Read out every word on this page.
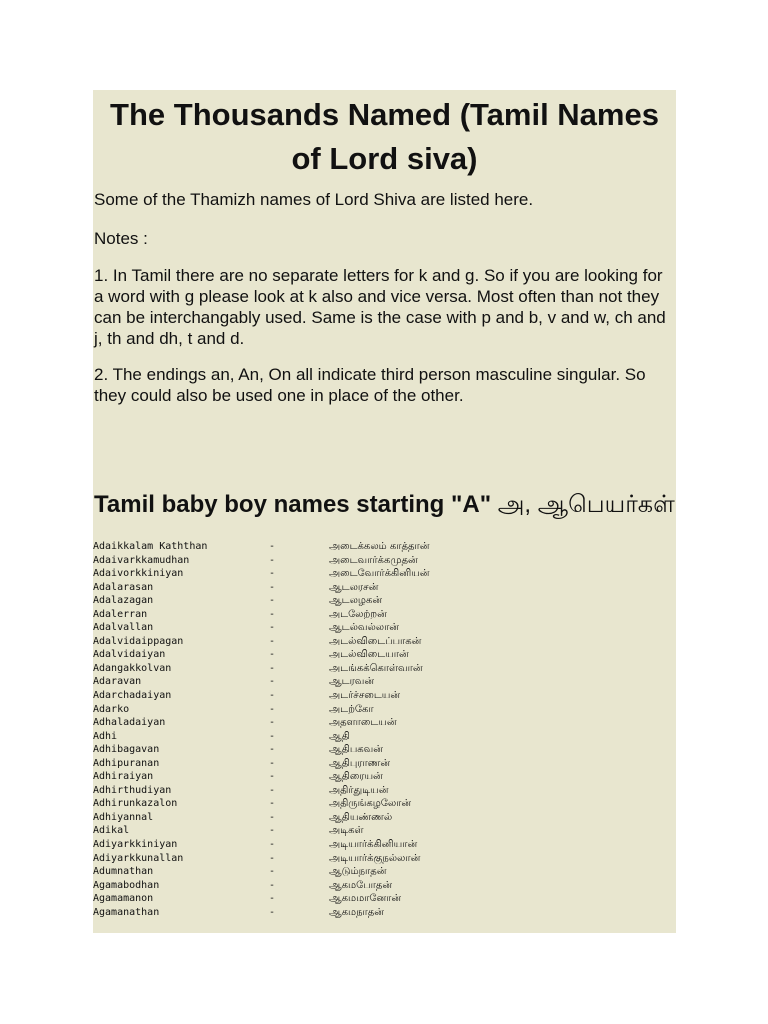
The Thousands Named (Tamil Names of Lord siva)

Some of the Thamizh names of Lord Shiva are listed here.

Notes :

1. In Tamil there are no separate letters for k and g. So if you are looking for a word with g please look at k also and vice versa. Most often than not they can be interchangably used. Same is the case with p and b, v and w, ch and j, th and dh, t and d.

2. The endings an, An, On all indicate third person masculine singular. So they could also be used one in place of the other.

Tamil baby boy names starting "A" அ, ஆபெயர்கள்
Adaikkalam Kaththan	-	அடைக்கலம் காத்தான்
Adaivarkkamudhan	-	அடைவார்க்கமுதன்
Adaivorkkiniyan	-	அடைவோர்க்கினியன்
Adalarasan	-	ஆடலரசன்
Adalazagan	-	ஆடலழகன்
Adalerran	-	அடலேற்றன்
Adalvallan	-	ஆடல்வல்லான்
Adalvidaippagan	-	அடல்விடைப்பாகன்
Adalvidaiyan	-	அடல்விடையான்
Adangakkolvan	-	அடங்கக்கொள்வான்
Adaravan	-	ஆடரவன்
Adarchadaiyan	-	அடர்ச்சடையன்
Adarko	-	அடற்கோ
Adhaladaiyan	-	அதளாடையன்
Adhi	-	ஆதி
Adhibagavan	-	ஆதிபகவன்
Adhipuranan	-	ஆதிபுராணன்
Adhiraiyan	-	ஆதிரையன்
Adhirthudiyan	-	அதிர்துடியன்
Adhirunkazalon	-	அதிருங்கழலோன்
Adhiyannal	-	ஆதியண்ணல்
Adikal	-	அடிகள்
Adiyarkkiniyan	-	அடியார்க்கினியான்
Adiyarkkunallan	-	அடியார்க்குநல்லான்
Adumnathan	-	ஆடும்நாதன்
Agamabodhan	-	ஆகமபோதன்
Agamamanon	-	ஆகமமானோன்
Agamanathan	-	ஆகமநாதன்
